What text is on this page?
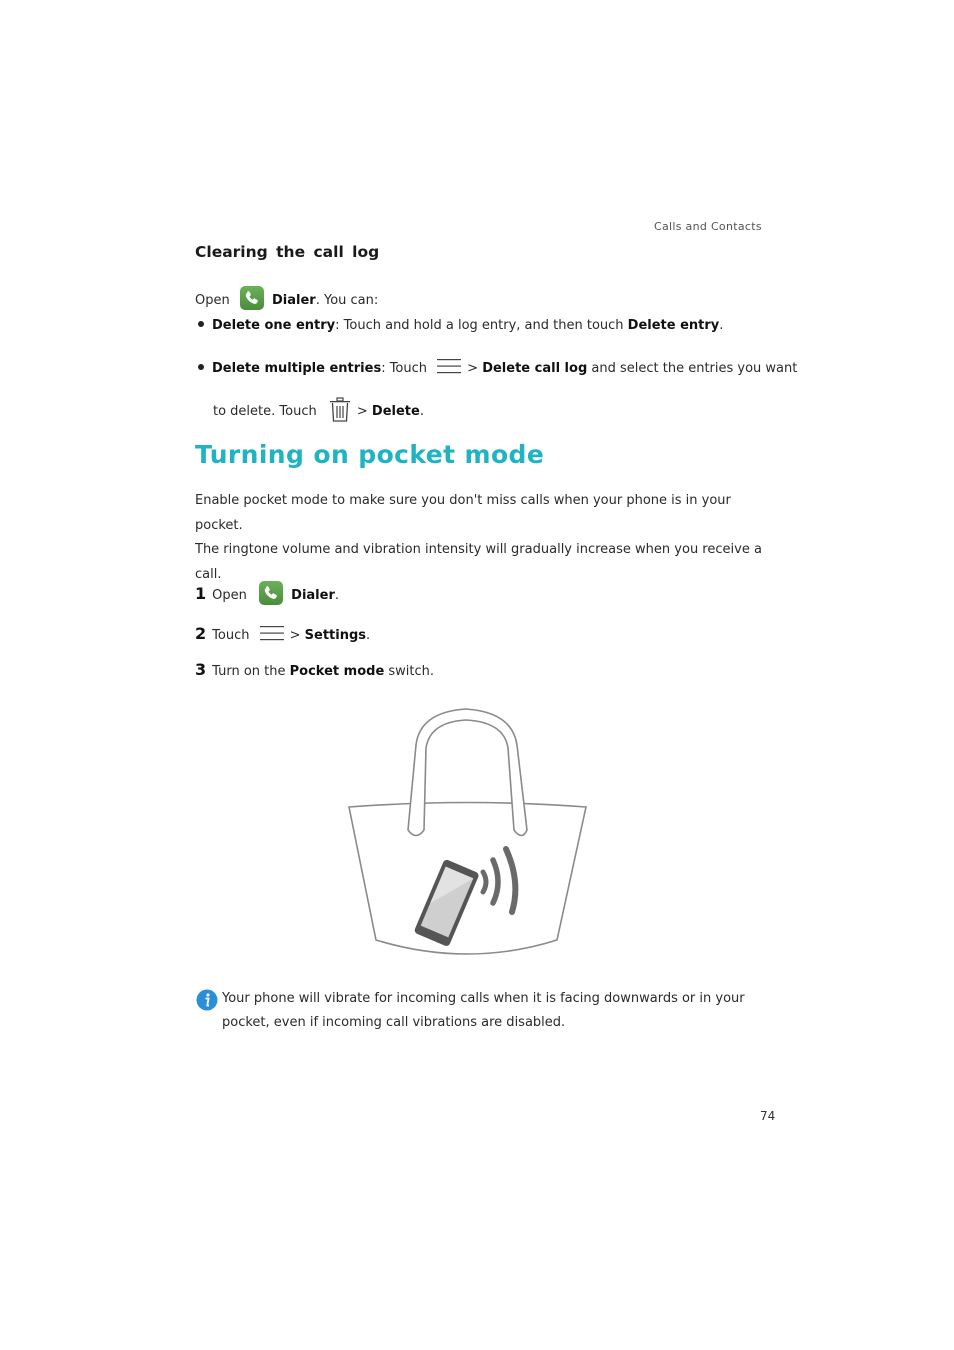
Calls and Contacts
Clearing the call log
Open	Dialer. You can:
Delete one entry: Touch and hold a log entry, and then touch Delete entry.
Delete multiple entries: Touch	> Delete call log and select the entries you want
to delete. Touch	> Delete.
Turning on pocket mode
Enable pocket mode to make sure you don't miss calls when your phone is in your pocket.
The ringtone volume and vibration intensity will gradually increase when you receive a
call.
1 Open	Dialer.
2 Touch	> Settings.
3 Turn on the Pocket mode switch.
Your phone will vibrate for incoming calls when it is facing downwards or in your
pocket, even if incoming call vibrations are disabled.
74
